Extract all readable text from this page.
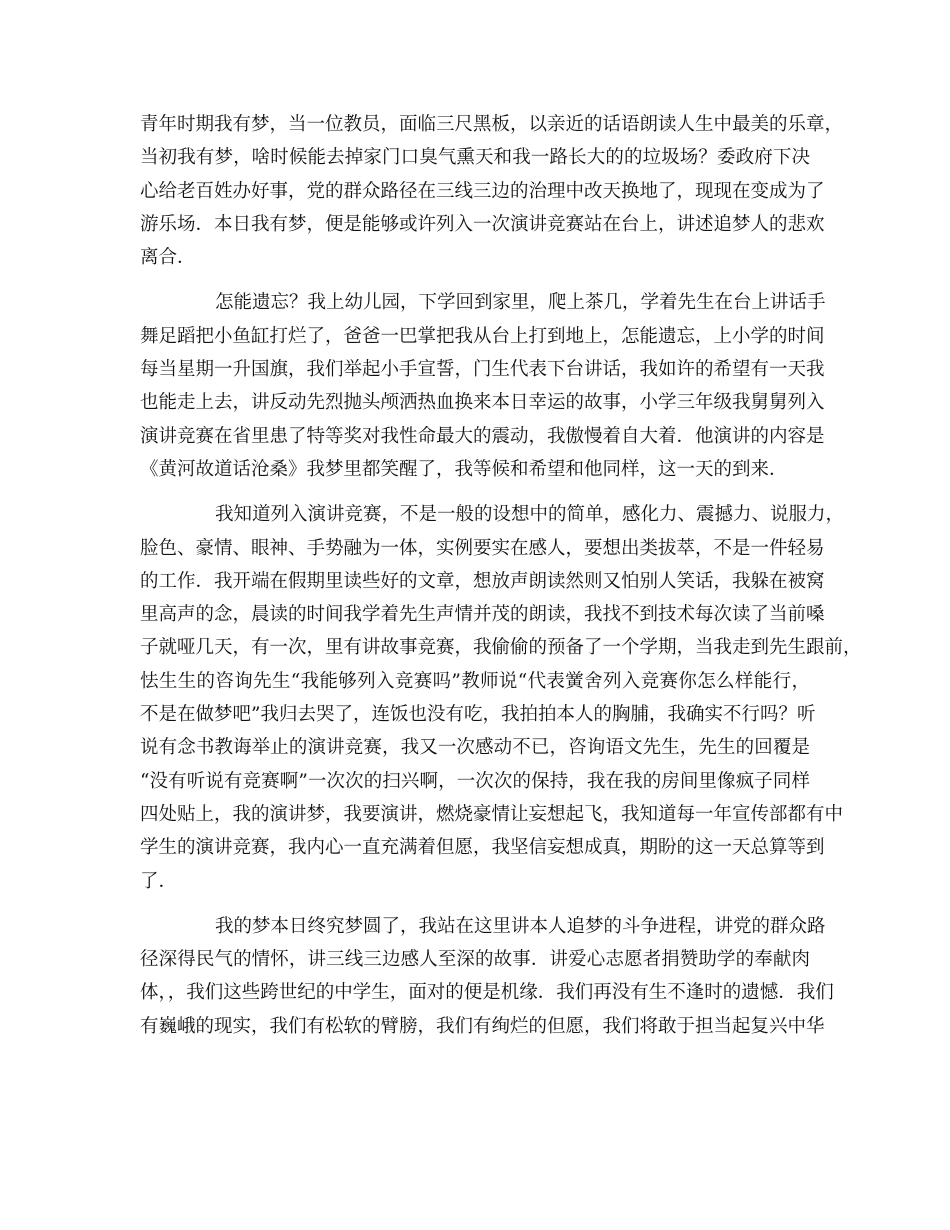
青年时期我有梦，当一位教员，面临三尺黑板，以亲近的话语朗读人生中最美的乐章，
当初我有梦，啥时候能去掉家门口臭气熏天和我一路长大的的垃圾场？委政府下决
心给老百姓办好事，党的群众路径在三线三边的治理中改天换地了，现现在变成为了
游乐场．本日我有梦，便是能够或许列入一次演讲竞赛站在台上，讲述追梦人的悲欢
离合．
怎能遗忘？我上幼儿园，下学回到家里，爬上茶几，学着先生在台上讲话手
舞足蹈把小鱼缸打烂了，爸爸一巴掌把我从台上打到地上，怎能遗忘，上小学的时间
每当星期一升国旗，我们举起小手宣誓，门生代表下台讲话，我如许的希望有一天我
也能走上去，讲反动先烈抛头颅洒热血换来本日幸运的故事，小学三年级我舅舅列入
演讲竞赛在省里患了特等奖对我性命最大的震动，我傲慢着自大着．他演讲的内容是
《黄河故道话沧桑》我梦里都笑醒了，我等候和希望和他同样，这一天的到来．
我知道列入演讲竞赛，不是一般的设想中的简单，感化力、震撼力、说服力，
脸色、豪情、眼神、手势融为一体，实例要实在感人，要想出类拔萃，不是一件轻易
的工作．我开端在假期里读些好的文章，想放声朗读然则又怕别人笑话，我躲在被窝
里高声的念，晨读的时间我学着先生声情并茂的朗读，我找不到技术每次读了当前嗓
子就哑几天，有一次，里有讲故事竞赛，我偷偷的预备了一个学期，当我走到先生跟前，
怯生生的咨询先生“我能够列入竞赛吗”教师说“代表黉舍列入竞赛你怎么样能行，
不是在做梦吧”我归去哭了，连饭也没有吃，我拍拍本人的胸脯，我确实不行吗？听
说有念书教诲举止的演讲竞赛，我又一次感动不已，咨询语文先生，先生的回覆是
“没有听说有竞赛啊”一次次的扫兴啊，一次次的保持，我在我的房间里像疯子同样
四处贴上，我的演讲梦，我要演讲，燃烧豪情让妄想起飞，我知道每一年宣传部都有中
学生的演讲竞赛，我内心一直充满着但愿，我坚信妄想成真，期盼的这一天总算等到
了．
我的梦本日终究梦圆了，我站在这里讲本人追梦的斗争进程，讲党的群众路
径深得民气的情怀，讲三线三边感人至深的故事．讲爱心志愿者捐赞助学的奉献肉
体，，我们这些跨世纪的中学生，面对的便是机缘．我们再没有生不逢时的遗憾．我们
有巍峨的现实，我们有松软的臂膀，我们有绚烂的但愿，我们将敢于担当起复兴中华
